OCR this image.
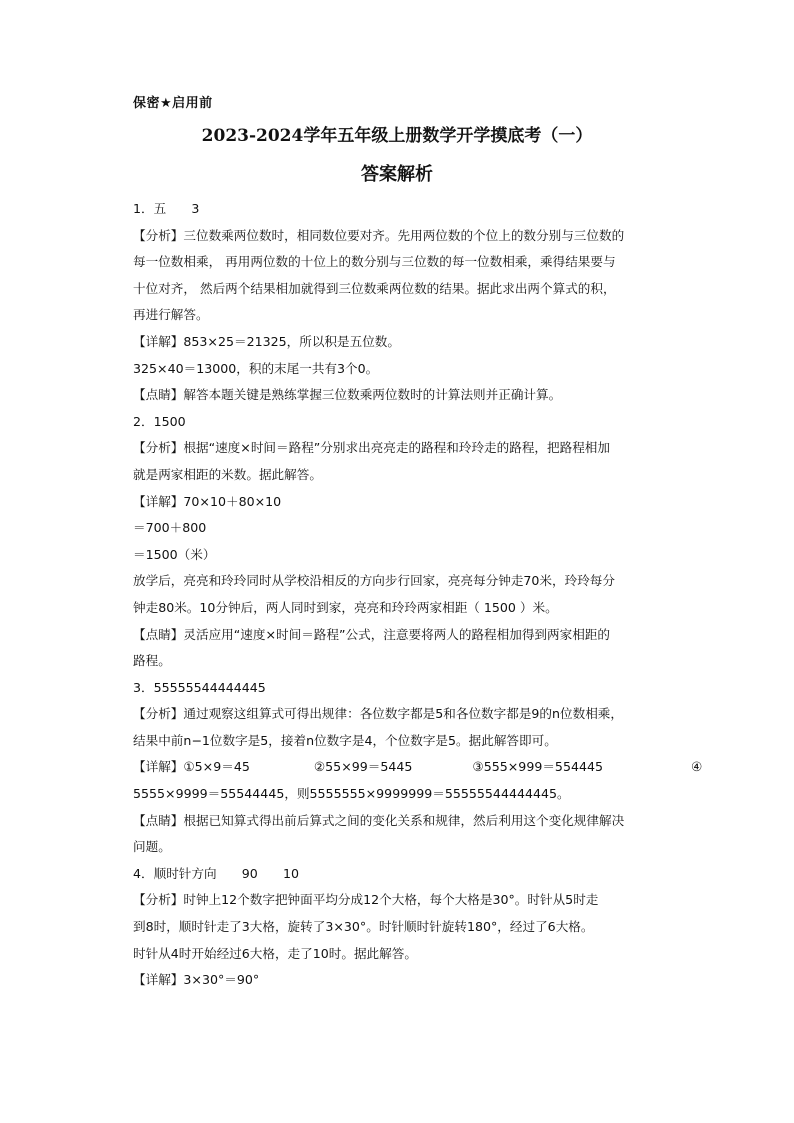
保密★启用前
2023-2024学年五年级上册数学开学摸底考（一）
答案解析
1．五　　3
【分析】三位数乘两位数时，相同数位要对齐。先用两位数的个位上的数分别与三位数的
每一位数相乘， 再用两位数的十位上的数分别与三位数的每一位数相乘，乘得结果要与
十位对齐， 然后两个结果相加就得到三位数乘两位数的结果。据此求出两个算式的积，
再进行解答。
【详解】853×25＝21325，所以积是五位数。
325×40＝13000，积的末尾一共有3个0。
【点睛】解答本题关键是熟练掌握三位数乘两位数时的计算法则并正确计算。
2．1500
【分析】根据“速度×时间＝路程”分别求出亮亮走的路程和玲玲走的路程，把路程相加
就是两家相距的米数。据此解答。
【详解】70×10＋80×10
＝700＋800
＝1500（米）
放学后，亮亮和玲玲同时从学校沿相反的方向步行回家，亮亮每分钟走70米，玲玲每分
钟走80米。10分钟后，两人同时到家，亮亮和玲玲两家相距（ 1500 ）米。
【点睛】灵活应用“速度×时间＝路程”公式，注意要将两人的路程相加得到两家相距的
路程。
3．55555544444445
【分析】通过观察这组算式可得出规律：各位数字都是5和各位数字都是9的n位数相乘，
结果中前n−1位数字是5，接着n位数字是4，个位数字是5。据此解答即可。
【详解】①5×9＝45	②55×99＝5445	③555×999＝554445	④
5555×9999＝55544445，则5555555×9999999＝55555544444445。
【点睛】根据已知算式得出前后算式之间的变化关系和规律，然后利用这个变化规律解决
问题。
4．顺时针方向　　90　　10
【分析】时钟上12个数字把钟面平均分成12个大格，每个大格是30°。时针从5时走
到8时，顺时针走了3大格，旋转了3×30°。时针顺时针旋转180°，经过了6大格。
时针从4时开始经过6大格，走了10时。据此解答。
【详解】3×30°＝90°
